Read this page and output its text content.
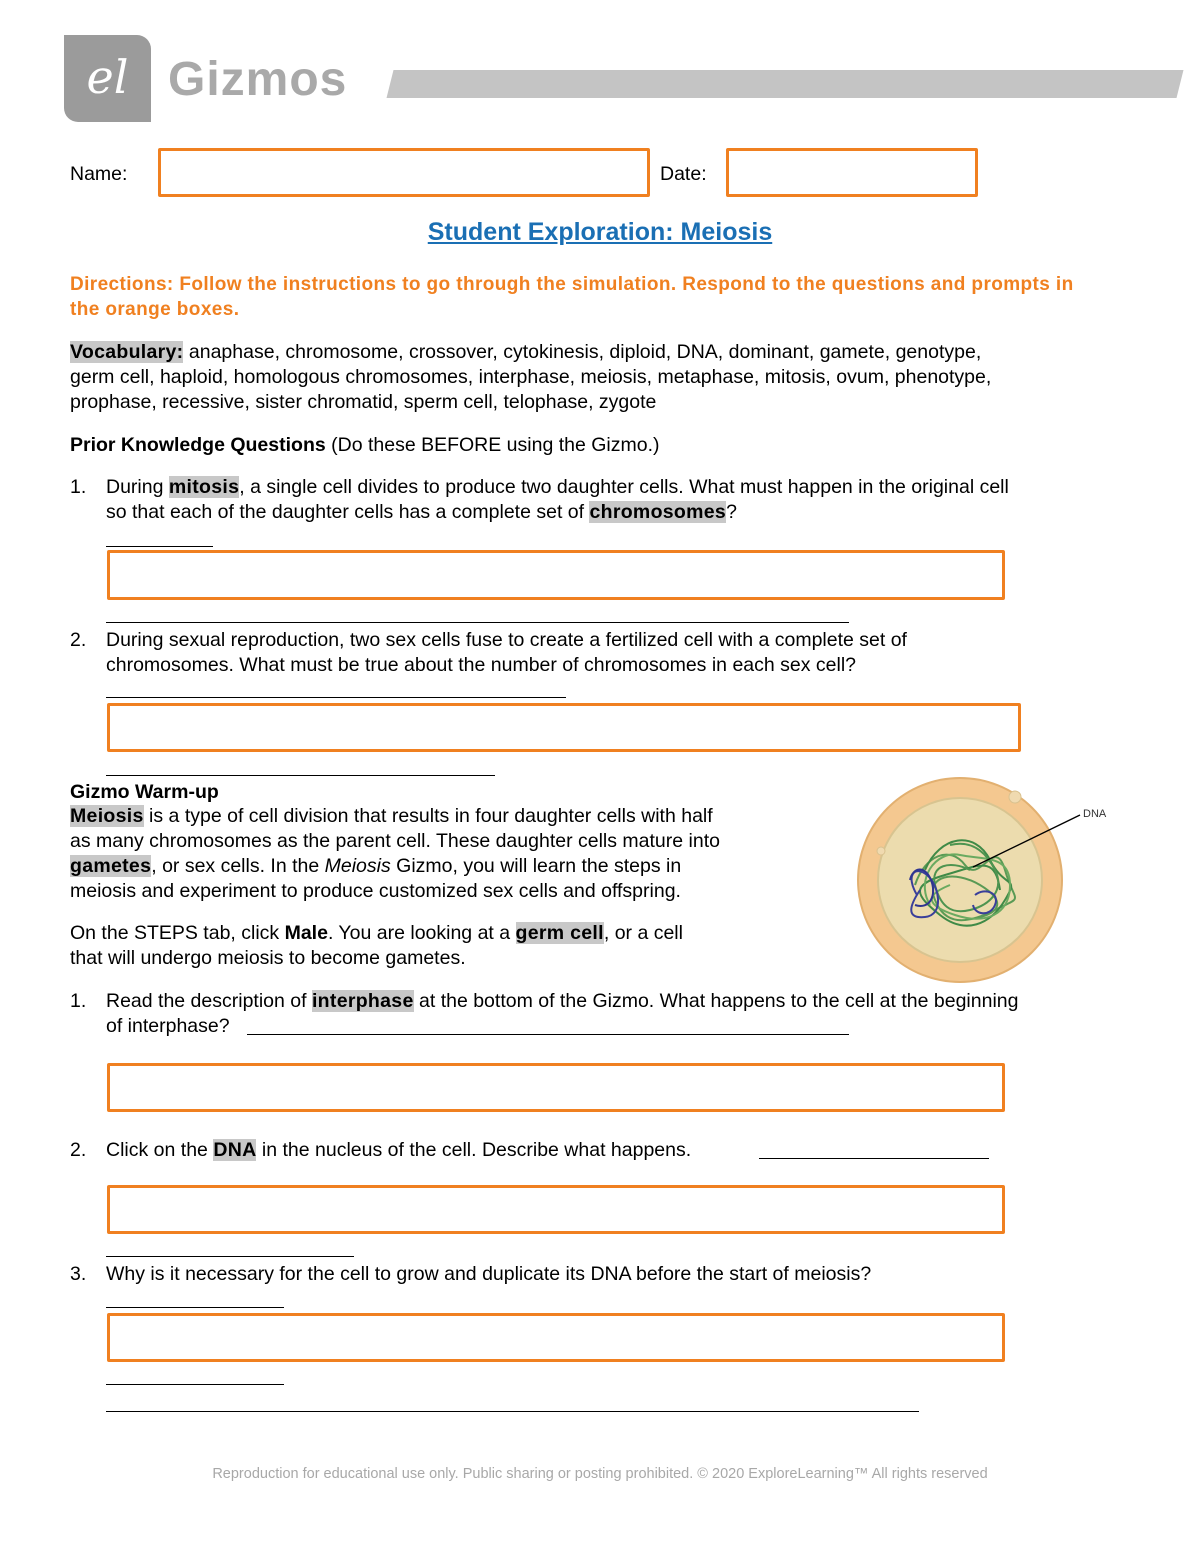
el Gizmos
Name:	Date:
Student Exploration: Meiosis
Directions: Follow the instructions to go through the simulation. Respond to the questions and prompts in the orange boxes.
Vocabulary: anaphase, chromosome, crossover, cytokinesis, diploid, DNA, dominant, gamete, genotype,
germ cell, haploid, homologous chromosomes, interphase, meiosis, metaphase, mitosis, ovum, phenotype,
prophase, recessive, sister chromatid, sperm cell, telophase, zygote
Prior Knowledge Questions (Do these BEFORE using the Gizmo.)
1. During mitosis, a single cell divides to produce two daughter cells. What must happen in the original cell
so that each of the daughter cells has a complete set of chromosomes?
2. During sexual reproduction, two sex cells fuse to create a fertilized cell with a complete set of
chromosomes. What must be true about the number of chromosomes in each sex cell?
Gizmo Warm-up
Meiosis is a type of cell division that results in four daughter cells with half
as many chromosomes as the parent cell. These daughter cells mature into
gametes, or sex cells. In the Meiosis Gizmo, you will learn the steps in
meiosis and experiment to produce customized sex cells and offspring.
On the STEPS tab, click Male. You are looking at a germ cell, or a cell
that will undergo meiosis to become gametes.
DNA
1. Read the description of interphase at the bottom of the Gizmo. What happens to the cell at the beginning
of interphase?
2. Click on the DNA in the nucleus of the cell. Describe what happens.
3. Why is it necessary for the cell to grow and duplicate its DNA before the start of meiosis?
Reproduction for educational use only. Public sharing or posting prohibited. © 2020 ExploreLearning™ All rights reserved
